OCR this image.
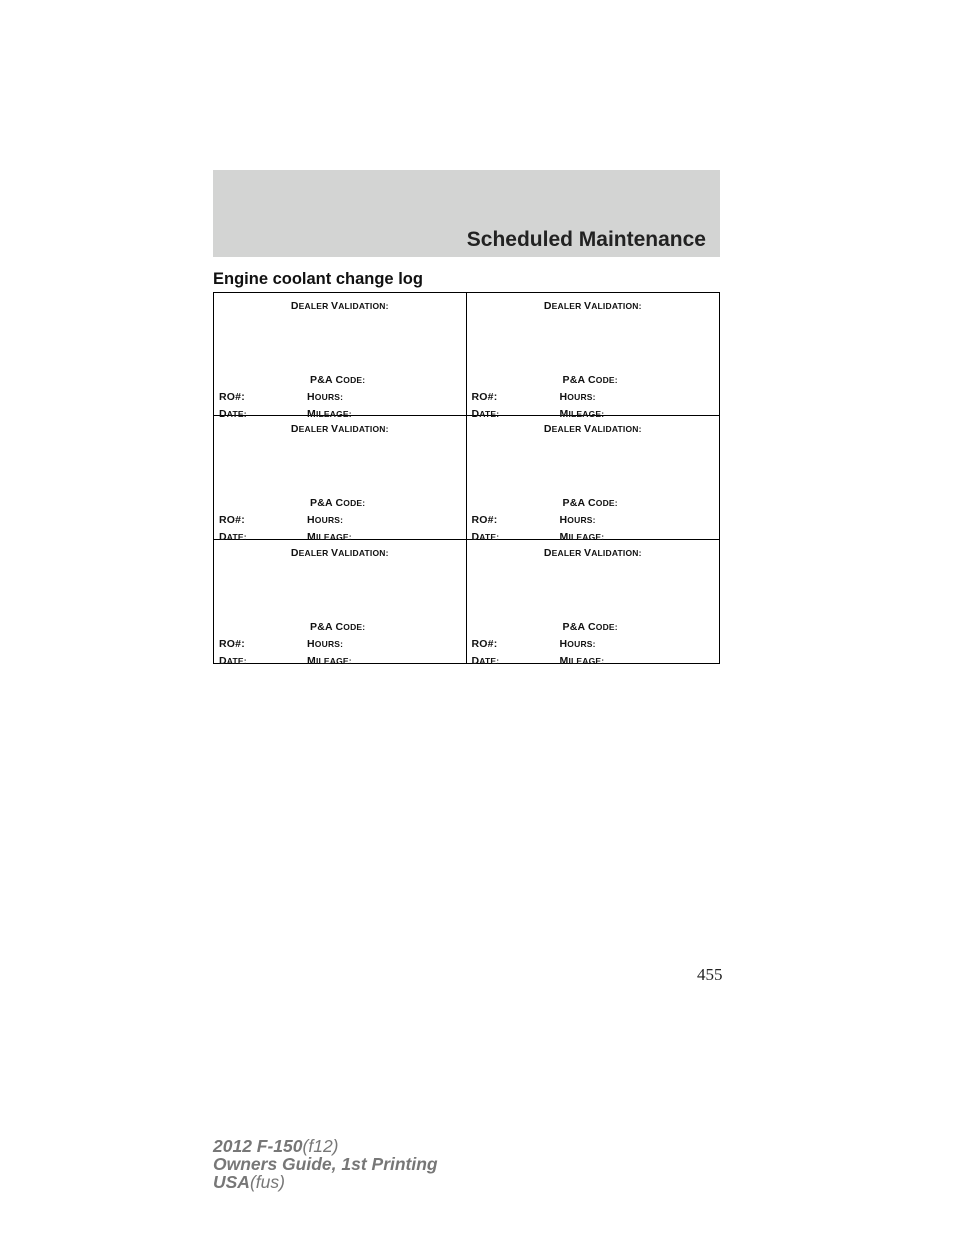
Scheduled Maintenance
Engine coolant change log
DEALER VALIDATION:
P&A CODE:
RO#:	HOURS:
DATE:	MILEAGE:
DEALER VALIDATION:
P&A CODE:
RO#:	HOURS:
DATE:	MILEAGE:
DEALER VALIDATION:
P&A CODE:
RO#:	HOURS:
DATE:	MILEAGE:
DEALER VALIDATION:
P&A CODE:
RO#:	HOURS:
DATE:	MILEAGE:
DEALER VALIDATION:
P&A CODE:
RO#:	HOURS:
DATE:	MILEAGE:
DEALER VALIDATION:
P&A CODE:
RO#:	HOURS:
DATE:	MILEAGE:
455
2012 F-150(f12)
Owners Guide, 1st Printing
USA(fus)
